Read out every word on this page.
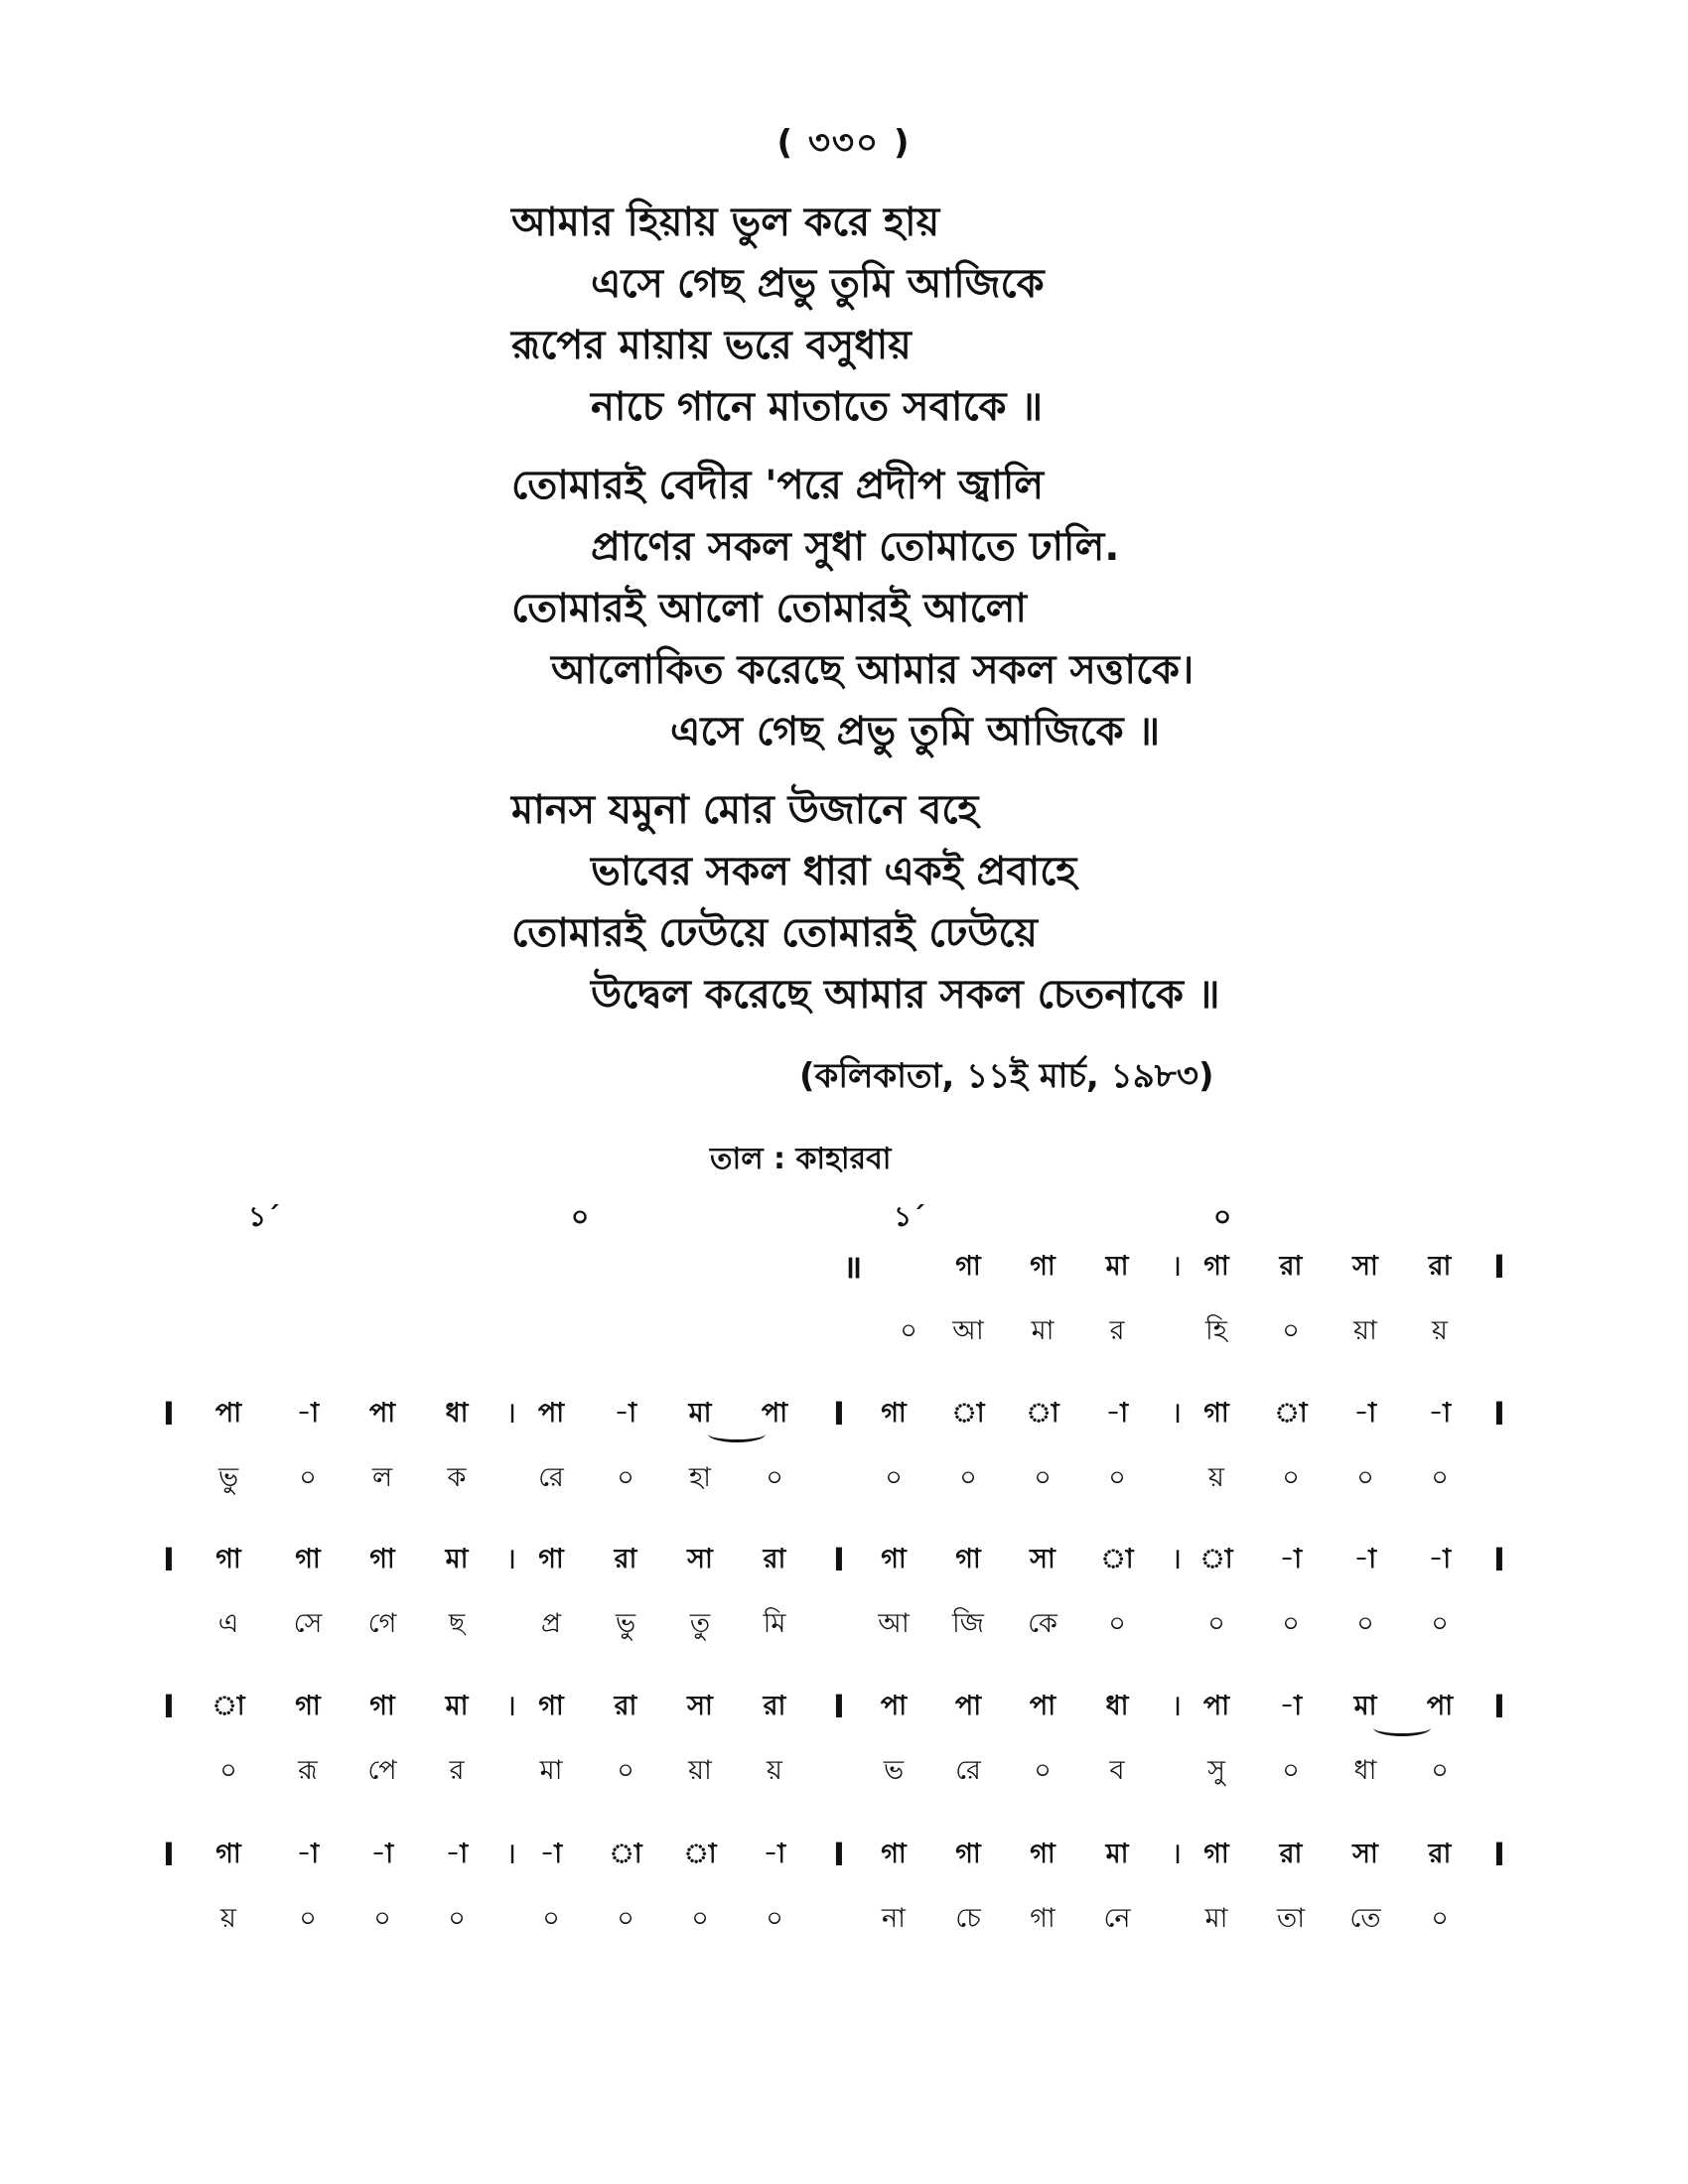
( ৩৩০ )
আমার হিয়ায় ভুল করে হায়
এসে গেছ প্রভু তুমি আজিকে
রূপের মায়ায় ভরে বসুধায়
নাচে গানে মাতাতে সবাকে ॥
তোমারই বেদীর 'পরে প্রদীপ জ্বালি
প্রাণের সকল সুধা তোমাতে ঢালি.
তোমারই আলো তোমারই আলো
আলোকিত করেছে আমার সকল সত্তাকে।
এসে গেছ প্রভু তুমি আজিকে ॥
মানস যমুনা মোর উজানে বহে
ভাবের সকল ধারা একই প্রবাহে
তোমারই ঢেউয়ে তোমারই ঢেউয়ে
উদ্বেল করেছে আমার সকল চেতনাকে ॥
(কলিকাতা, ১১ই মার্চ, ১৯৮৩)
তাল : কাহারবা
১´	০	১´	০
॥	গা	গা	মা	গা	রা	সা	রা
।	I
০	আ	মা	র	হি	০	য়া	য়
I	পা	-া	পা	ধা	পা	-া	মা	পা	গা	া	া	-া	গা	া	-া	-া
।	।
I	I
ভু	০	ল	ক	রে	০	হা	০	০	০	০	০	য়	০	০	০
I	গা	গা	গা	মা	গা	রা	সা	রা	গা	গা	সা	া	া	-া	-া	-া
।	।
I	I
এ	সে	গে	ছ	প্র	ভু	তু	মি	আ	জি	কে	০	০	০	০	০
I	া	গা	গা	মা	গা	রা	সা	রা	পা	পা	পা	ধা	পা	-া	মা	পা
।	।
I	I
০	রূ	পে	র	মা	০	য়া	য়	ভ	রে	০	ব	সু	০	ধা	০
I	গা	-া	-া	-া	-া	া	া	-া	গা	গা	গা	মা	গা	রা	সা	রা
।	।
I	I
য়	০	০	০	০	০	০	০	না	চে	গা	নে	মা	তা	তে	০
